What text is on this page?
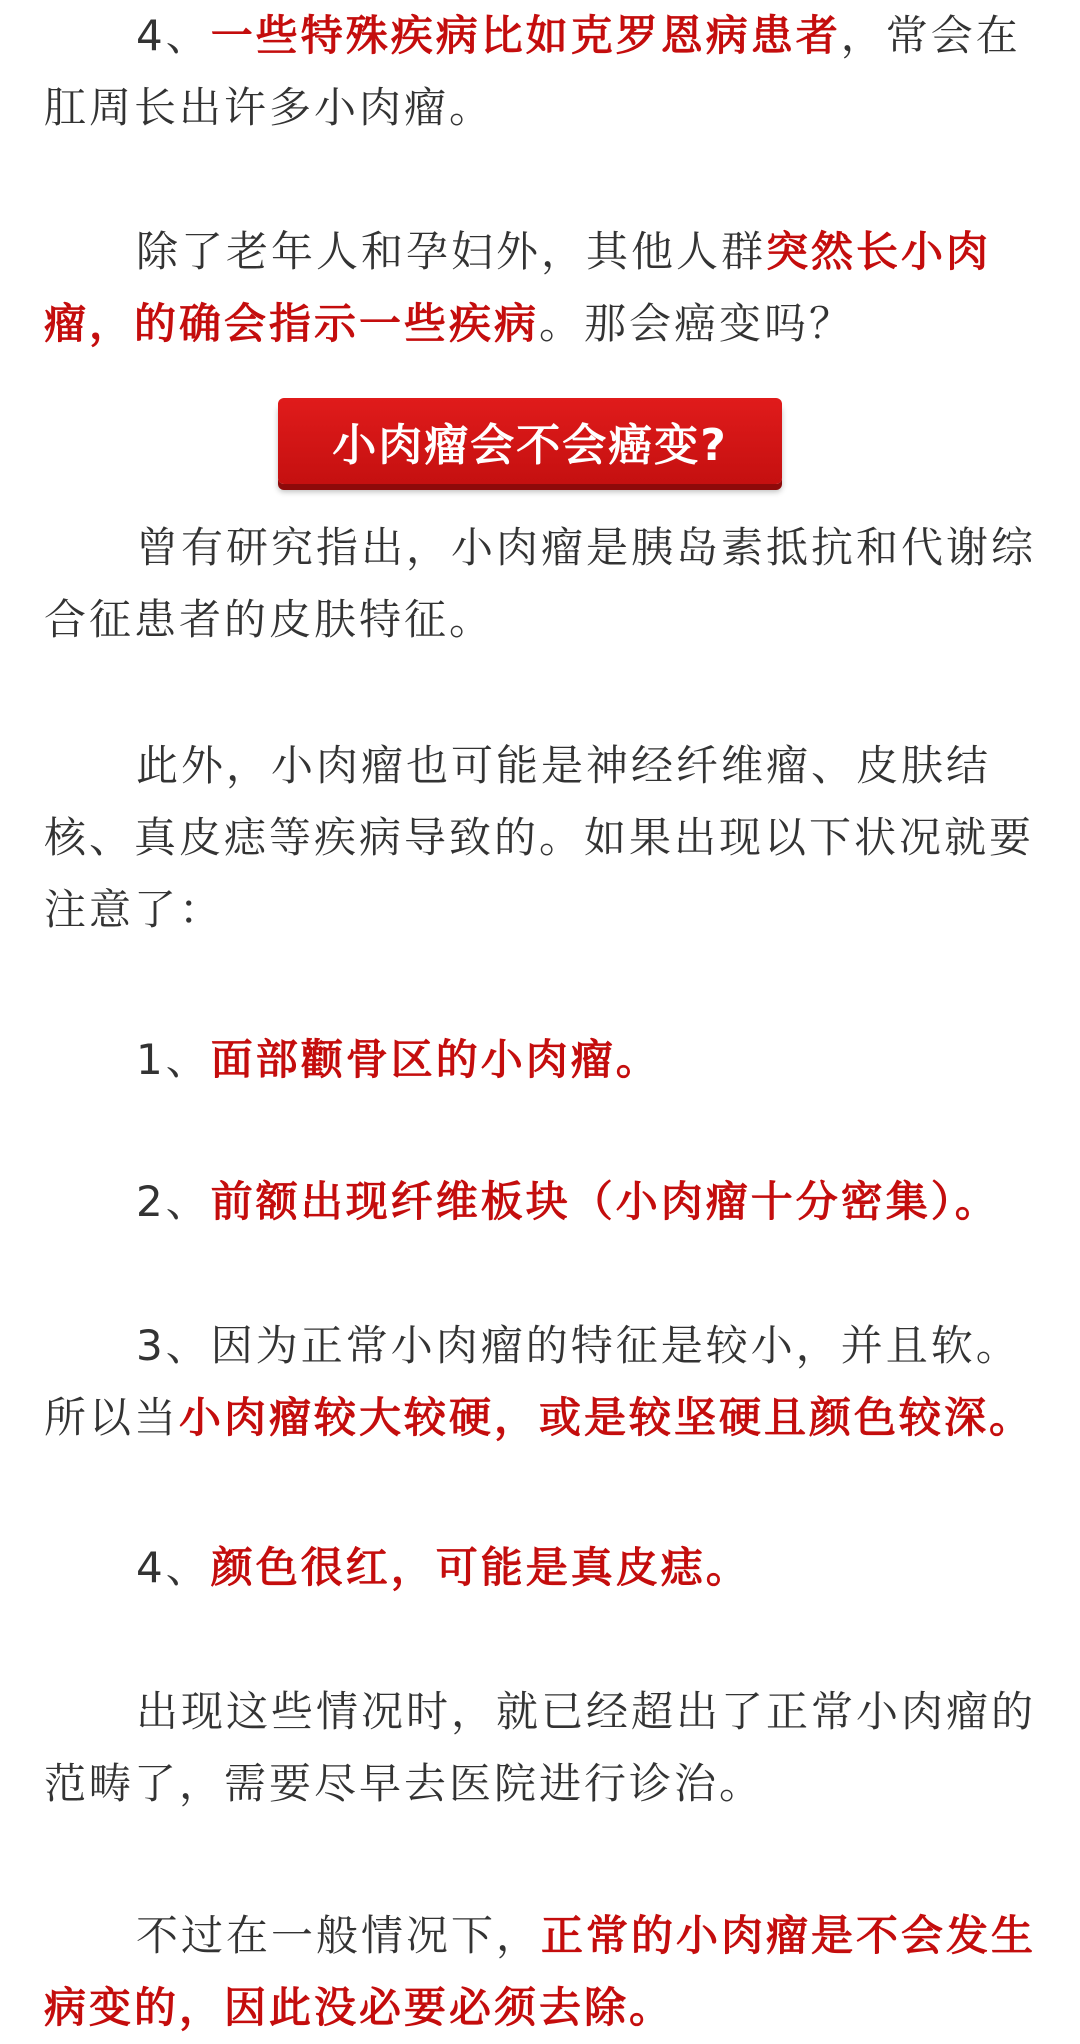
4、一些特殊疾病比如克罗恩病患者，常会在肛周长出许多小肉瘤。

除了老年人和孕妇外，其他人群突然长小肉瘤，的确会指示一些疾病。那会癌变吗？

小肉瘤会不会癌变?

曾有研究指出，小肉瘤是胰岛素抵抗和代谢综合征患者的皮肤特征。

此外，小肉瘤也可能是神经纤维瘤、皮肤结核、真皮痣等疾病导致的。如果出现以下状况就要注意了：

1、面部颧骨区的小肉瘤。

2、前额出现纤维板块（小肉瘤十分密集）。

3、因为正常小肉瘤的特征是较小，并且软。所以当小肉瘤较大较硬，或是较坚硬且颜色较深。

4、颜色很红，可能是真皮痣。

出现这些情况时，就已经超出了正常小肉瘤的范畴了，需要尽早去医院进行诊治。

不过在一般情况下，正常的小肉瘤是不会发生病变的，因此没必要必须去除。
